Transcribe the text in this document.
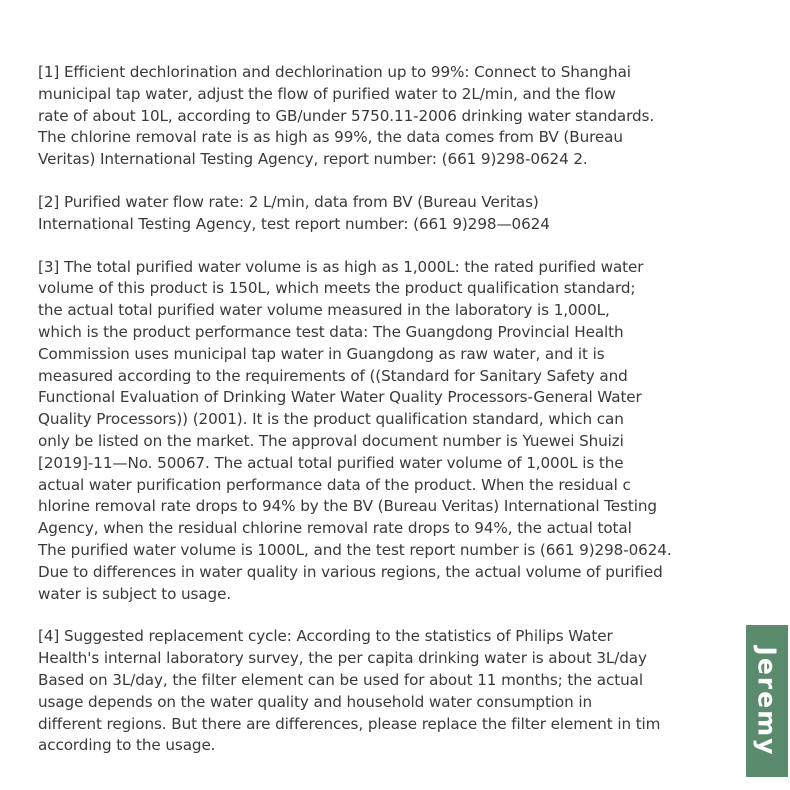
[1] Efficient dechlorination and dechlorination up to 99%: Connect to Shanghai
municipal tap water, adjust the flow of purified water to 2L/min, and the flow
rate of about 10L, according to GB/under 5750.11-2006 drinking water standards.
The chlorine removal rate is as high as 99%, the data comes from BV (Bureau
Veritas) International Testing Agency, report number: (661 9)298-0624 2.

[2] Purified water flow rate: 2 L/min, data from BV (Bureau Veritas)
International Testing Agency, test report number: (661 9)298—0624

[3] The total purified water volume is as high as 1,000L: the rated purified water
volume of this product is 150L, which meets the product qualification standard;
the actual total purified water volume measured in the laboratory is 1,000L,
which is the product performance test data: The Guangdong Provincial Health
Commission uses municipal tap water in Guangdong as raw water, and it is
measured according to the requirements of ((Standard for Sanitary Safety and
Functional Evaluation of Drinking Water Water Quality Processors-General Water
Quality Processors)) (2001). It is the product qualification standard, which can
only be listed on the market. The approval document number is Yuewei Shuizi
[2019]-11—No. 50067. The actual total purified water volume of 1,000L is the
actual water purification performance data of the product. When the residual c
hlorine removal rate drops to 94% by the BV (Bureau Veritas) International Testing
Agency, when the residual chlorine removal rate drops to 94%, the actual total
The purified water volume is 1000L, and the test report number is (661 9)298-0624.
Due to differences in water quality in various regions, the actual volume of purified
water is subject to usage.

[4] Suggested replacement cycle: According to the statistics of Philips Water
Health's internal laboratory survey, the per capita drinking water is about 3L/day
Based on 3L/day, the filter element can be used for about 11 months; the actual
usage depends on the water quality and household water consumption in
different regions. But there are differences, please replace the filter element in tim
according to the usage.	Jeremy
